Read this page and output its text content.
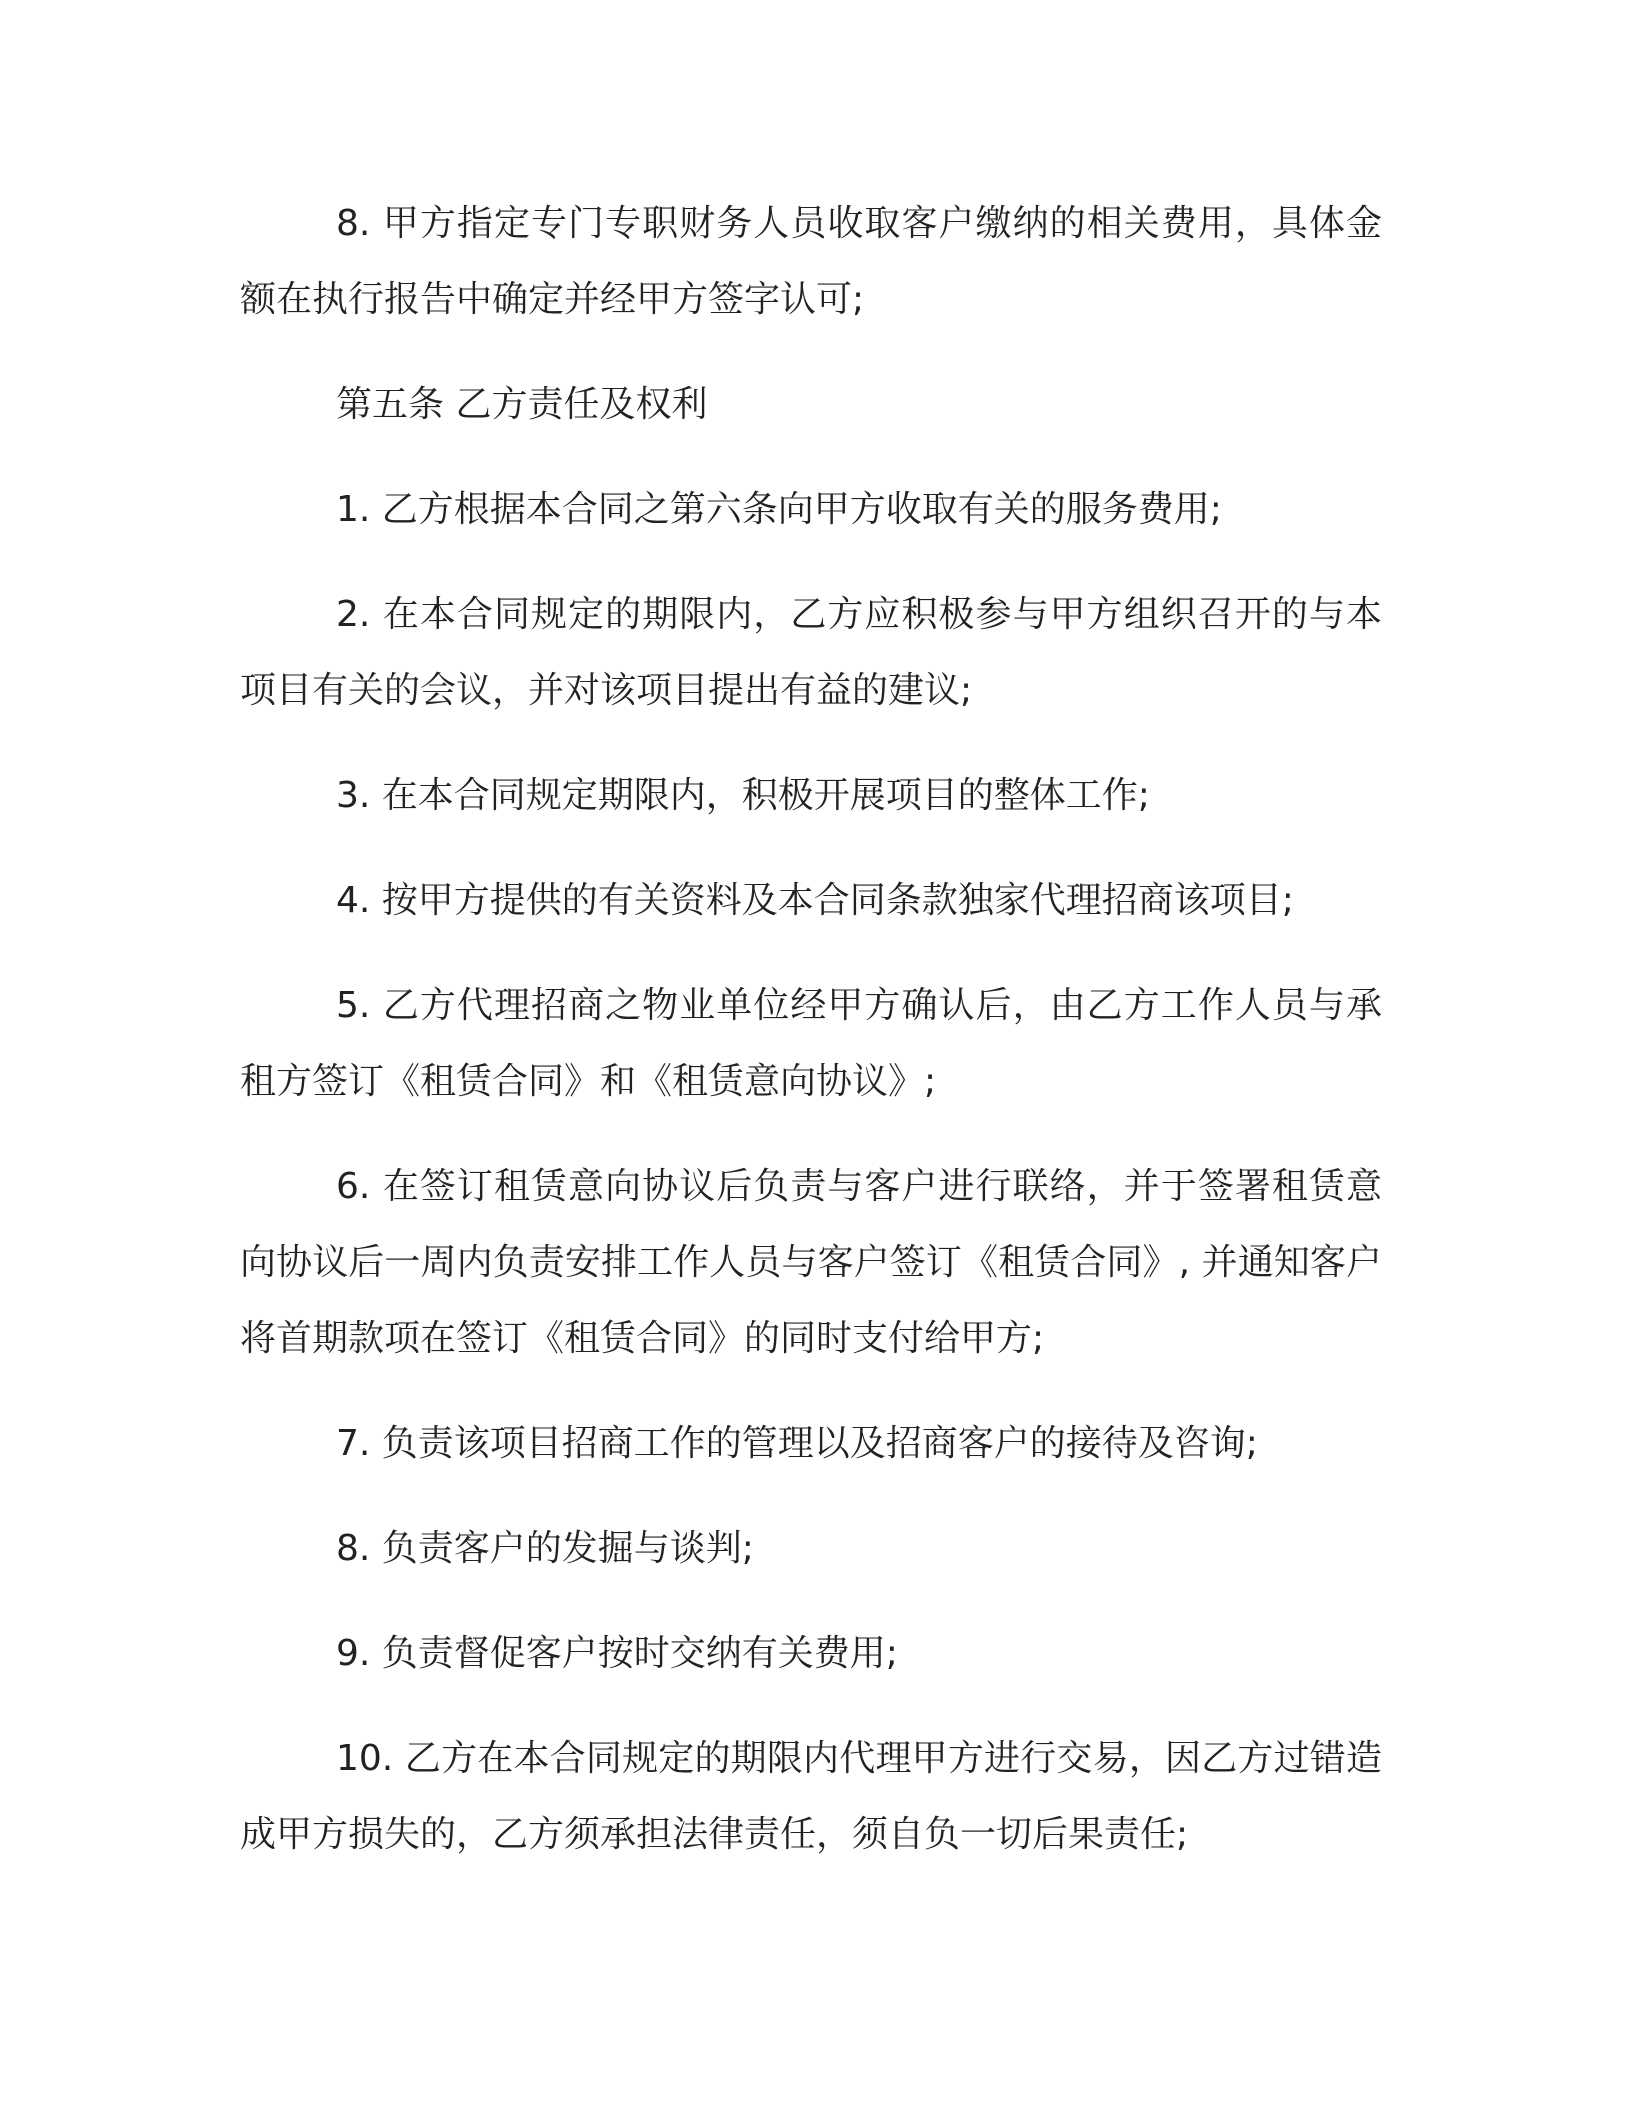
8. 甲方指定专门专职财务人员收取客户缴纳的相关费用，具体金额在执行报告中确定并经甲方签字认可;

第五条 乙方责任及权利

1. 乙方根据本合同之第六条向甲方收取有关的服务费用;

2. 在本合同规定的期限内，乙方应积极参与甲方组织召开的与本项目有关的会议，并对该项目提出有益的建议;

3. 在本合同规定期限内，积极开展项目的整体工作;

4. 按甲方提供的有关资料及本合同条款独家代理招商该项目;

5. 乙方代理招商之物业单位经甲方确认后，由乙方工作人员与承租方签订《租赁合同》和《租赁意向协议》;

6. 在签订租赁意向协议后负责与客户进行联络，并于签署租赁意向协议后一周内负责安排工作人员与客户签订《租赁合同》, 并通知客户将首期款项在签订《租赁合同》的同时支付给甲方;

7. 负责该项目招商工作的管理以及招商客户的接待及咨询;

8. 负责客户的发掘与谈判;

9. 负责督促客户按时交纳有关费用;

10. 乙方在本合同规定的期限内代理甲方进行交易，因乙方过错造成甲方损失的，乙方须承担法律责任，须自负一切后果责任;
